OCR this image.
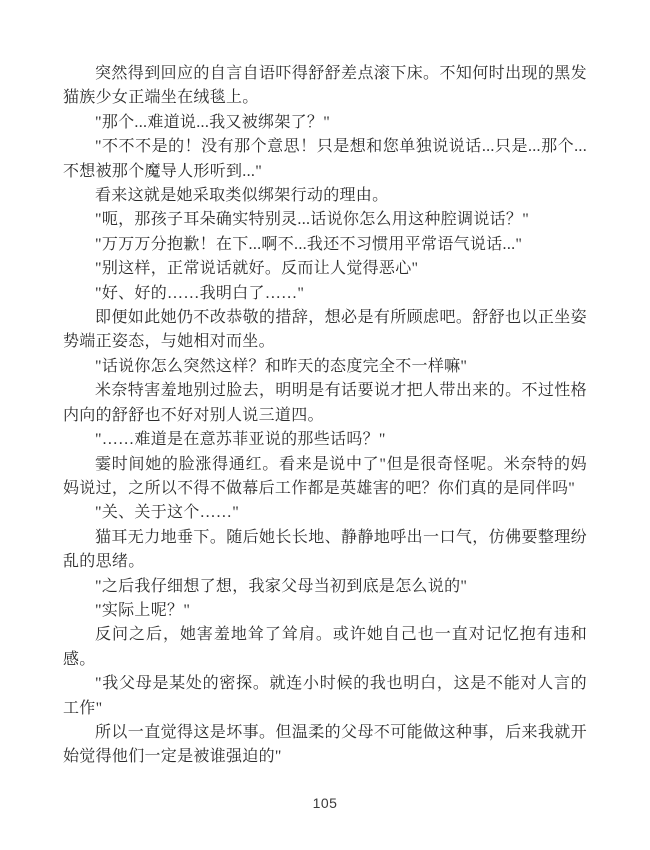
突然得到回应的自言自语吓得舒舒差点滚下床。不知何时出现的黑发猫族少女正端坐在绒毯上。

"那个...难道说...我又被绑架了？"

"不不不是的！没有那个意思！只是想和您单独说说话...只是...那个...不想被那个魔导人形听到..."

看来这就是她采取类似绑架行动的理由。

"呃，那孩子耳朵确实特别灵...话说你怎么用这种腔调说话？"

"万万万分抱歉！在下...啊不...我还不习惯用平常语气说话..."

"别这样，正常说话就好。反而让人觉得恶心"

"好、好的……我明白了……"

即便如此她仍不改恭敬的措辞，想必是有所顾虑吧。舒舒也以正坐姿势端正姿态，与她相对而坐。

"话说你怎么突然这样？和昨天的态度完全不一样嘛"

米奈特害羞地别过脸去，明明是有话要说才把人带出来的。不过性格内向的舒舒也不好对别人说三道四。

"……难道是在意苏菲亚说的那些话吗？"

霎时间她的脸涨得通红。看来是说中了"但是很奇怪呢。米奈特的妈妈说过，之所以不得不做幕后工作都是英雄害的吧？你们真的是同伴吗"

"关、关于这个……"

猫耳无力地垂下。随后她长长地、静静地呼出一口气，仿佛要整理纷乱的思绪。

"之后我仔细想了想，我家父母当初到底是怎么说的"

"实际上呢？"

反问之后，她害羞地耸了耸肩。或许她自己也一直对记忆抱有违和感。

"我父母是某处的密探。就连小时候的我也明白，这是不能对人言的工作"

所以一直觉得这是坏事。但温柔的父母不可能做这种事，后来我就开始觉得他们一定是被谁强迫的"

105
